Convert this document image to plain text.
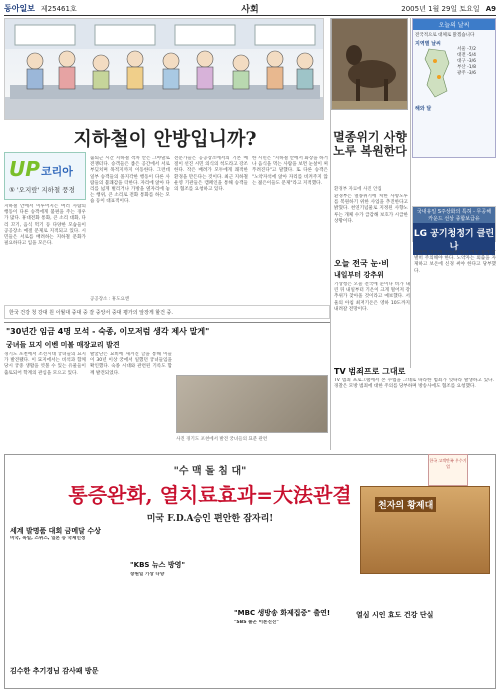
동아일보 제25461호	사회	2005년 1월 29일 토요일 A9
지하철이 안방입니까?
UP 코리아
⑤ '오지랖' 지하철 풍경
지하철 안에서 이루어지는 여러 사람의 행동이 다른 승객에게 불편을 주는 경우가 많다. 휴대전화 통화, 큰 소리 대화, 다리 꼬기, 음식 먹기 등 다양한 모습들이 공공장소 예절 문제로 지적되고 있다. 시민들은 서로를 배려하는 지하철 문화가 필요하다고 입을 모은다.
출퇴근 시간 지하철 객차 안은 그야말로 전쟁터다. 승객들은 좁은 공간에서 서로 부딪치며 목적지까지 이동한다. 그런데 일부 승객들의 몰지각한 행동이 다른 사람들의 불쾌감을 더한다. 자리에 앉아 다리를 넓게 벌리거나 가방을 옆자리에 놓는 행위, 큰 소리로 전화 통화를 하는 모습 등이 대표적이다.
전문가들은 공공장소에서의 기본 예절이 선진 시민 의식의 척도라고 강조한다. 작은 배려가 모두에게 쾌적한 환경을 만든다는 것이다. 최근 지하철 운영 기관들은 캠페인을 통해 승객들의 협조를 요청하고 있다.
한 시민은 "지하철 안에서 화장을 하거나 음식을 먹는 사람을 보면 눈살이 찌푸려진다"고 말했다. 또 다른 승객은 "노약자석에 앉아 자리를 비켜주지 않는 젊은이들도 문제"라고 지적했다.
공공장소 : 휴도요앤
한국 건강 청 강대 원 이월대 중대 중 잘 중앙서 중대 평가의 앞장게 할건 중.
"30년간 임금 4명 모석 - 숙종, 이모저럼 생각 제사 말게"
궁녀들 묘지 이벤 미볼 매장교리 발견
경기도 포천에서 조선시대 궁녀들의 묘지가 발견됐다. 이 묘지에서는 비석과 함께 당시 궁중 생활을 엿볼 수 있는 유물들이 출토되어 학계의 관심을 모으고 있다.
발굴단은 묘비에 새겨진 글을 통해 이들이 30년 이상 궁에서 일했던 궁녀들임을 확인했다. 숙종 시대와 관련된 기록도 함께 발견되었다.
사진 경기도 포천에서 발견 궁녀들의 묘분 관련
멸종위기 사향노루 복원한다
환경부 자료에 사진 안집
환경부는 멸종위기에 처한 사향노루를 복원하기 위한 사업을 추진한다고 밝혔다. 천연기념물로 지정된 사향노루는 개체 수가 급감해 보호가 시급한 상황이다.
오늘의 날씨
전국적으로 대체로 맑겠습니다
지역별 날씨
서울 -7/2
대전 -5/4
대구 -3/6
부산 -1/8
광주 -3/6
해와 달
국내유일 S주상화의 특허 - 무공해 카운드 선상 종합보급유
LG 공기청정기 클린나
오늘 전국 눈·비
내일부터 강추위
기상청은 오늘 전국에 눈이나 비가 내린 뒤 내일부터 기온이 크게 떨어져 강추위가 찾아올 것이라고 예보했다. 서울의 아침 최저기온은 영하 10도까지 내려갈 전망이다.
한파에 대비해 수도관 동파 예방 등에 각별히 주의해야 한다. 노약자는 외출을 자제하고 보온에 신경 써야 한다고 당부했다.
TV 범죄프로 그대로
TV 범죄 프로그램에서 본 수법을 그대로 따라한 범죄가 잇따라 발생하고 있다. 경찰은 모방 범죄에 대한 주의를 당부하며 방송사에도 협조를 요청했다.
한국 고객만족 우수기업
"수 맥 돌 침 대"
통증완화, 열치료효과=大法관결
미국 F.D.A승인 편안한 잠자리!
천자의 황제대
세계 발명품 대회 금메달 수상
미국, 독일, 스위스, 일본 등 국제인정
"KBS 뉴스 방영"
창원일 기상 다양
"MBC 생방송 화제집중" 출연!
"SBS 솔곤 이론진진"
열심 시인 효도 건강 단실
김수한 추기경님 감사패 방문
